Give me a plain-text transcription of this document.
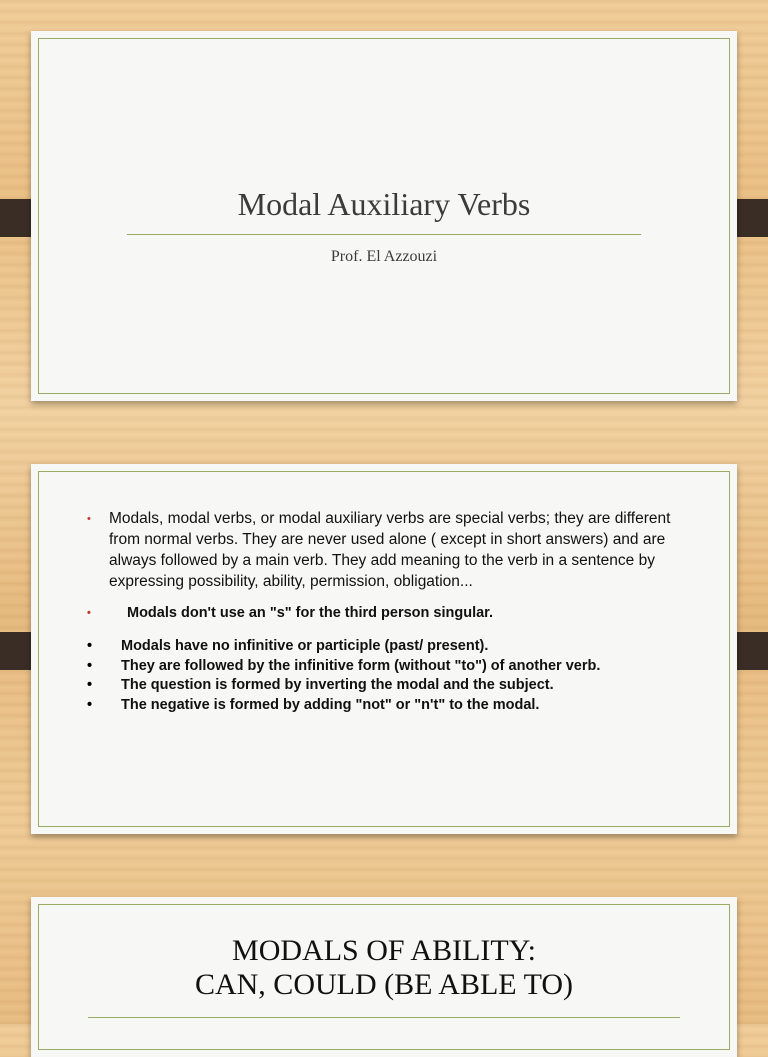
Modal Auxiliary Verbs
Prof. El Azzouzi
• Modals, modal verbs, or modal auxiliary verbs are special verbs; they are different from normal verbs. They are never used alone ( except in short answers) and are always followed by a main verb. They add meaning to the verb in a sentence by expressing possibility, ability, permission, obligation...
• Modals don't use an "s" for the third person singular.
• Modals have no infinitive or participle (past/ present).
• They are followed by the infinitive form (without "to") of another verb.
• The question is formed by inverting the modal and the subject.
• The negative is formed by adding "not" or "n't" to the modal.
MODALS OF ABILITY:
CAN, COULD (BE ABLE TO)
